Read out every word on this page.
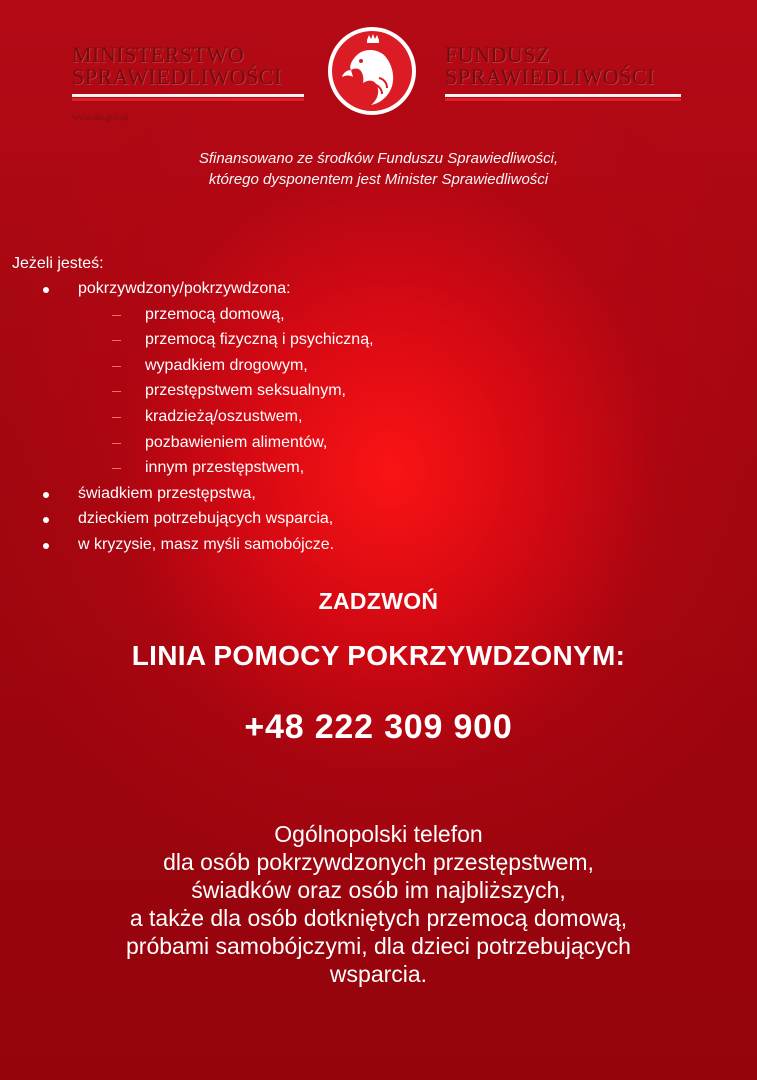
MINISTERSTWO
SPRAWIEDLIWOŚCI
www.ms.gov.pl
FUNDUSZ
SPRAWIEDLIWOŚCI
Sfinansowano ze środków Funduszu Sprawiedliwości,
którego dysponentem jest Minister Sprawiedliwości
Jeżeli jesteś:
pokrzywdzony/pokrzywdzona:
przemocą domową,
przemocą fizyczną i psychiczną,
wypadkiem drogowym,
przestępstwem seksualnym,
kradzieżą/oszustwem,
pozbawieniem alimentów,
innym przestępstwem,
świadkiem przestępstwa,
dzieckiem potrzebujących wsparcia,
w kryzysie, masz myśli samobójcze.
ZADZWOŃ
LINIA POMOCY POKRZYWDZONYM:
+48 222 309 900
Ogólnopolski telefon
dla osób pokrzywdzonych przestępstwem,
świadków oraz osób im najbliższych,
a także dla osób dotkniętych przemocą domową,
próbami samobójczymi, dla dzieci potrzebujących
wsparcia.
